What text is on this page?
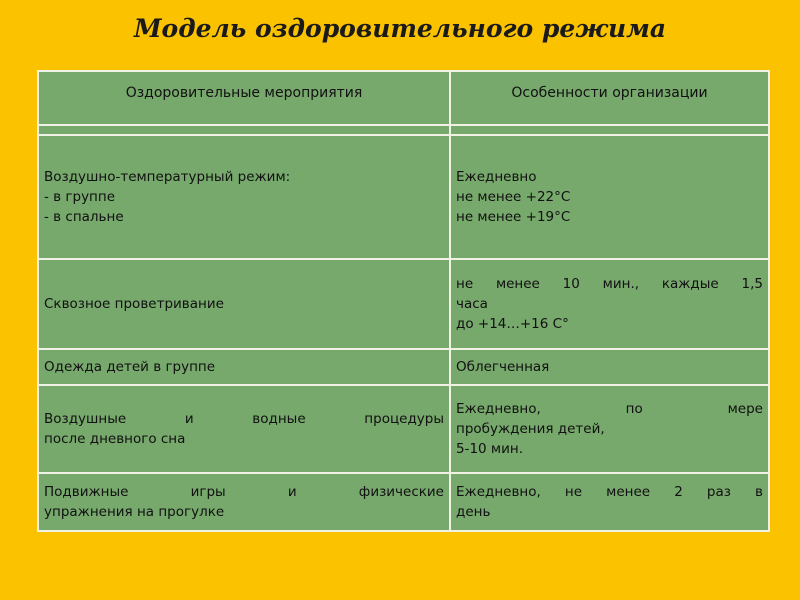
Модель оздоровительного режима
Оздоровительные мероприятия	Особенности организации

Воздушно-температурный режим:
- в группе
- в спальне	Ежедневно
не менее +22°С
не менее +19°С

Сквозное проветривание	не менее 10 мин., каждые 1,5
часа
до +14…+16 С°

Одежда детей в группе	Облегченная

Воздушные и водные процедуры
после дневного сна	Ежедневно, по мере
пробуждения детей,
5-10 мин.

Подвижные игры и физические
упражнения на прогулке	Ежедневно, не менее 2 раз в
день
